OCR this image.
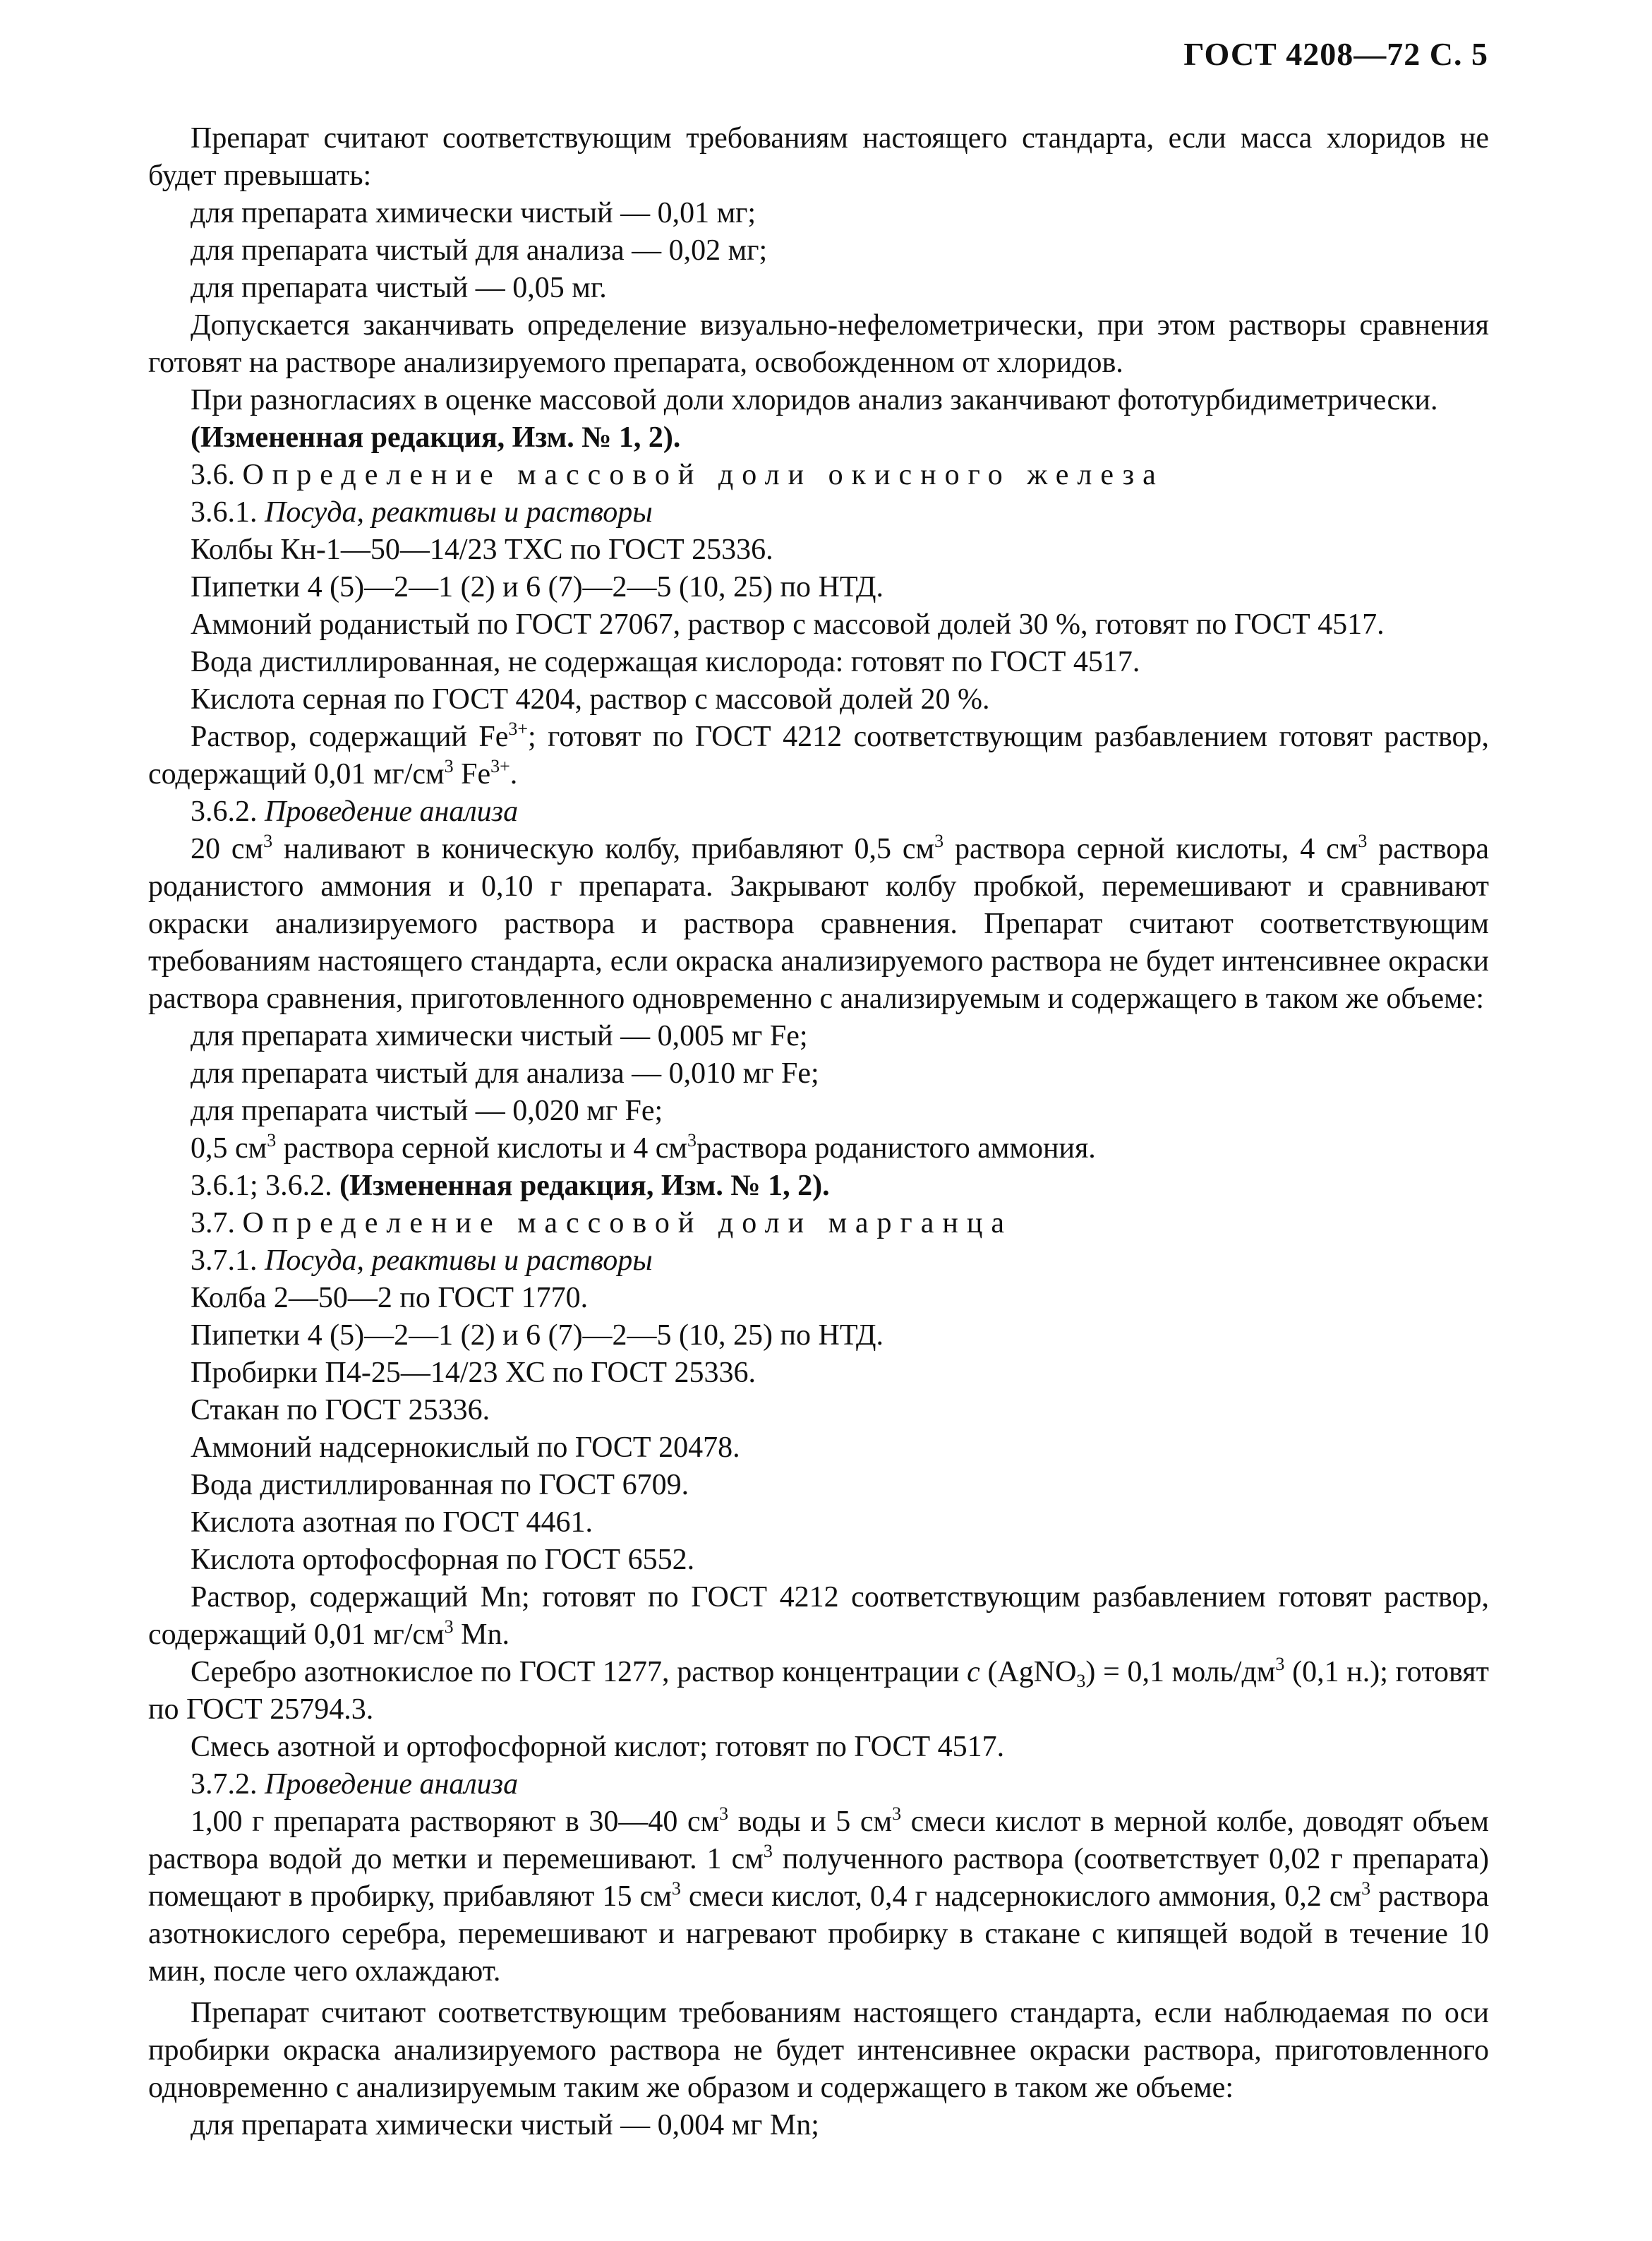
ГОСТ 4208—72 С. 5

Препарат считают соответствующим требованиям настоящего стандарта, если масса хлоридов не будет превышать:

для препарата химически чистый — 0,01 мг;

для препарата чистый для анализа — 0,02 мг;

для препарата чистый — 0,05 мг.

Допускается заканчивать определение визуально-нефелометрически, при этом растворы сравнения готовят на растворе анализируемого препарата, освобожденном от хлоридов.

При разногласиях в оценке массовой доли хлоридов анализ заканчивают фототурбидиметрически.

(Измененная редакция, Изм. № 1, 2).

3.6. Определение массовой доли окисного железа

3.6.1. Посуда, реактивы и растворы

Колбы Кн-1—50—14/23 ТХС по ГОСТ 25336.

Пипетки 4 (5)—2—1 (2) и 6 (7)—2—5 (10, 25) по НТД.

Аммоний роданистый по ГОСТ 27067, раствор с массовой долей 30 %, готовят по ГОСТ 4517.

Вода дистиллированная, не содержащая кислорода: готовят по ГОСТ 4517.

Кислота серная по ГОСТ 4204, раствор с массовой долей 20 %.

Раствор, содержащий $Fe^{3+}$; готовят по ГОСТ 4212 соответствующим разбавлением готовят раствор, содержащий 0,01 $мг/см^3$ $Fe^{3+}$.

3.6.2. Проведение анализа

20 $см^3$ наливают в коническую колбу, прибавляют 0,5 $см^3$ раствора серной кислоты, 4 $см^3$ раствора роданистого аммония и 0,10 г препарата. Закрывают колбу пробкой, перемешивают и сравнивают окраски анализируемого раствора и раствора сравнения. Препарат считают соответствующим требованиям настоящего стандарта, если окраска анализируемого раствора не будет интенсивнее окраски раствора сравнения, приготовленного одновременно с анализируемым и содержащего в таком же объеме:

для препарата химически чистый — 0,005 мг Fe;

для препарата чистый для анализа — 0,010 мг Fe;

для препарата чистый — 0,020 мг Fe;

0,5 $см^3$ раствора серной кислоты и 4 $см^3раствора$ роданистого аммония.

3.6.1; 3.6.2. (Измененная редакция, Изм. № 1, 2).

3.7. Определение массовой доли марганца

3.7.1. Посуда, реактивы и растворы

Колба 2—50—2 по ГОСТ 1770.

Пипетки 4 (5)—2—1 (2) и 6 (7)—2—5 (10, 25) по НТД.

Пробирки П4-25—14/23 ХС по ГОСТ 25336.

Стакан по ГОСТ 25336.

Аммоний надсернокислый по ГОСТ 20478.

Вода дистиллированная по ГОСТ 6709.

Кислота азотная по ГОСТ 4461.

Кислота ортофосфорная по ГОСТ 6552.

Раствор, содержащий Mn; готовят по ГОСТ 4212 соответствующим разбавлением готовят раствор, содержащий 0,01 $мг/см^3$ Mn.

Серебро азотнокислое по ГОСТ 1277, раствор концентрации c (AgNO$_3$) = 0,1 моль/$дм^3$ (0,1 н.); готовят по ГОСТ 25794.3.

Смесь азотной и ортофосфорной кислот; готовят по ГОСТ 4517.

3.7.2. Проведение анализа

1,00 г препарата растворяют в 30—40 $см^3$ воды и 5 $см^3$ смеси кислот в мерной колбе, доводят объем раствора водой до метки и перемешивают. 1 $см^3$ полученного раствора (соответствует 0,02 г препарата) помещают в пробирку, прибавляют 15 $см^3$ смеси кислот, 0,4 г надсернокислого аммония, 0,2 $см^3$ раствора азотнокислого серебра, перемешивают и нагревают пробирку в стакане с кипящей водой в течение 10 мин, после чего охлаждают.

Препарат считают соответствующим требованиям настоящего стандарта, если наблюдаемая по оси пробирки окраска анализируемого раствора не будет интенсивнее окраски раствора, приготовленного одновременно с анализируемым таким же образом и содержащего в таком же объеме:

для препарата химически чистый — 0,004 мг Mn;
